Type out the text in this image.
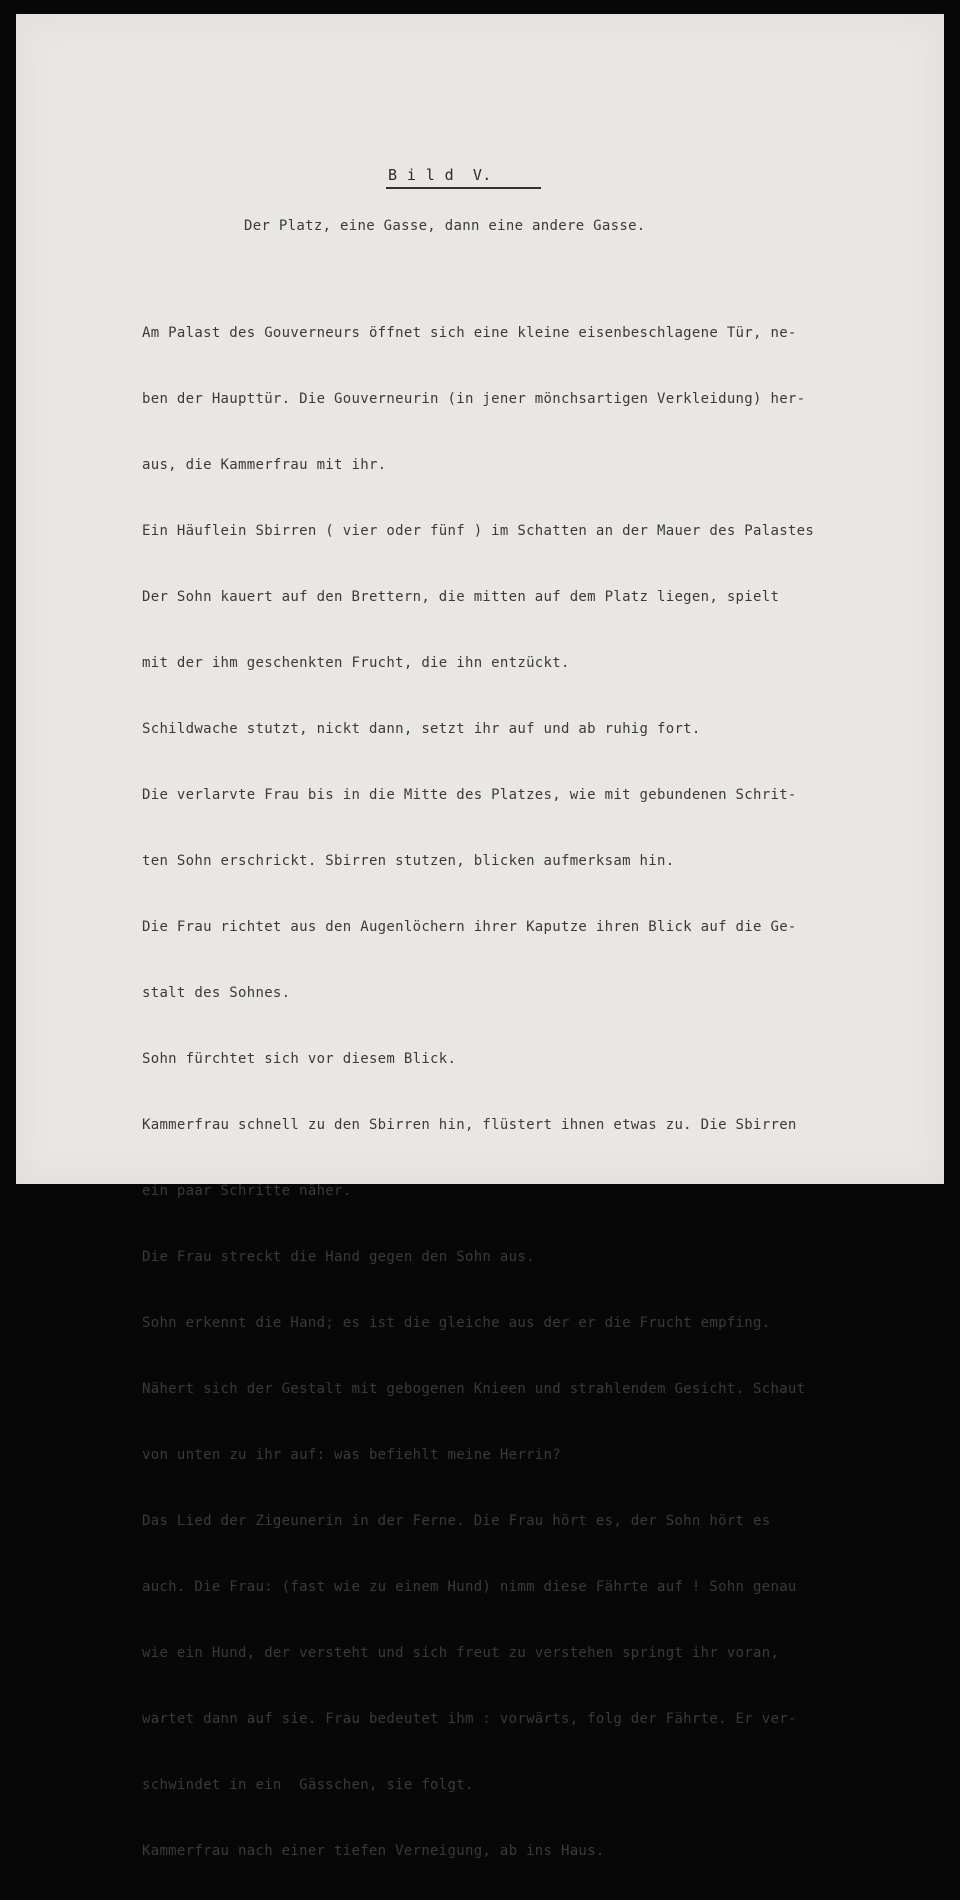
B i l d  V.
Der Platz, eine Gasse, dann eine andere Gasse.

Am Palast des Gouverneurs öffnet sich eine kleine eisenbeschlagene Tür, ne-

ben der Haupttür. Die Gouverneurin (in jener mönchsartigen Verkleidung) her-

aus, die Kammerfrau mit ihr.

Ein Häuflein Sbirren ( vier oder fünf ) im Schatten an der Mauer des Palastes

Der Sohn kauert auf den Brettern, die mitten auf dem Platz liegen, spielt

mit der ihm geschenkten Frucht, die ihn entzückt.

Schildwache stutzt, nickt dann, setzt ihr auf und ab ruhig fort.

Die verlarvte Frau bis in die Mitte des Platzes, wie mit gebundenen Schrit-

ten Sohn erschrickt. Sbirren stutzen, blicken aufmerksam hin.

Die Frau richtet aus den Augenlöchern ihrer Kaputze ihren Blick auf die Ge-

stalt des Sohnes.

Sohn fürchtet sich vor diesem Blick.

Kammerfrau schnell zu den Sbirren hin, flüstert ihnen etwas zu. Die Sbirren

ein paar Schritte näher.

Die Frau streckt die Hand gegen den Sohn aus.

Sohn erkennt die Hand; es ist die gleiche aus der er die Frucht empfing.

Nähert sich der Gestalt mit gebogenen Knieen und strahlendem Gesicht. Schaut

von unten zu ihr auf: was befiehlt meine Herrin?

Das Lied der Zigeunerin in der Ferne. Die Frau hört es, der Sohn hört es

auch. Die Frau: (fast wie zu einem Hund) nimm diese Fährte auf ! Sohn genau

wie ein Hund, der versteht und sich freut zu verstehen springt ihr voran,

wartet dann auf sie. Frau bedeutet ihm : vorwärts, folg der Fährte. Er ver-

schwindet in ein  Gässchen, sie folgt.

Kammerfrau nach einer tiefen Verneigung, ab ins Haus.
